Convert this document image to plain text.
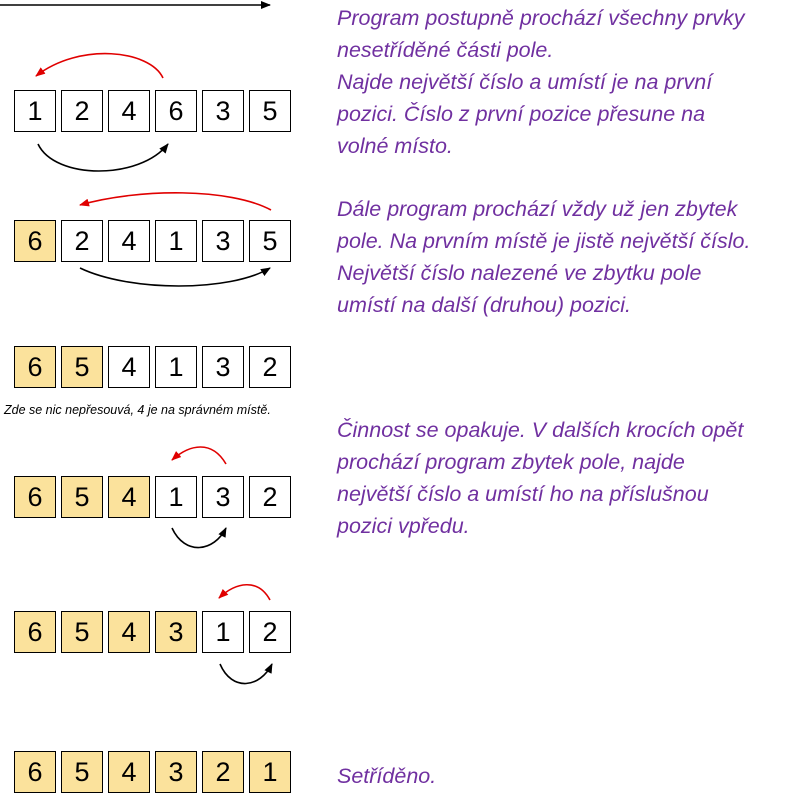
1	2	4	6	3	5
6	2	4	1	3	5
6	5	4	1	3	2
6	5	4	1	3	2
6	5	4	3	1	2
6	5	4	3	2	1

Program postupně prochází všechny prvky
nesetříděné části pole.
Najde největší číslo a umístí je na první
pozici. Číslo z první pozice přesune na
volné místo.

Dále program prochází vždy už jen zbytek
pole. Na prvním místě je jistě největší číslo.
Největší číslo nalezené ve zbytku pole
umístí na další (druhou) pozici.

Činnost se opakuje. V dalších krocích opět
prochází program zbytek pole, najde
největší číslo a umístí ho na příslušnou
pozici vpředu.

Setříděno.

Zde se nic nepřesouvá, 4 je na správném místě.
